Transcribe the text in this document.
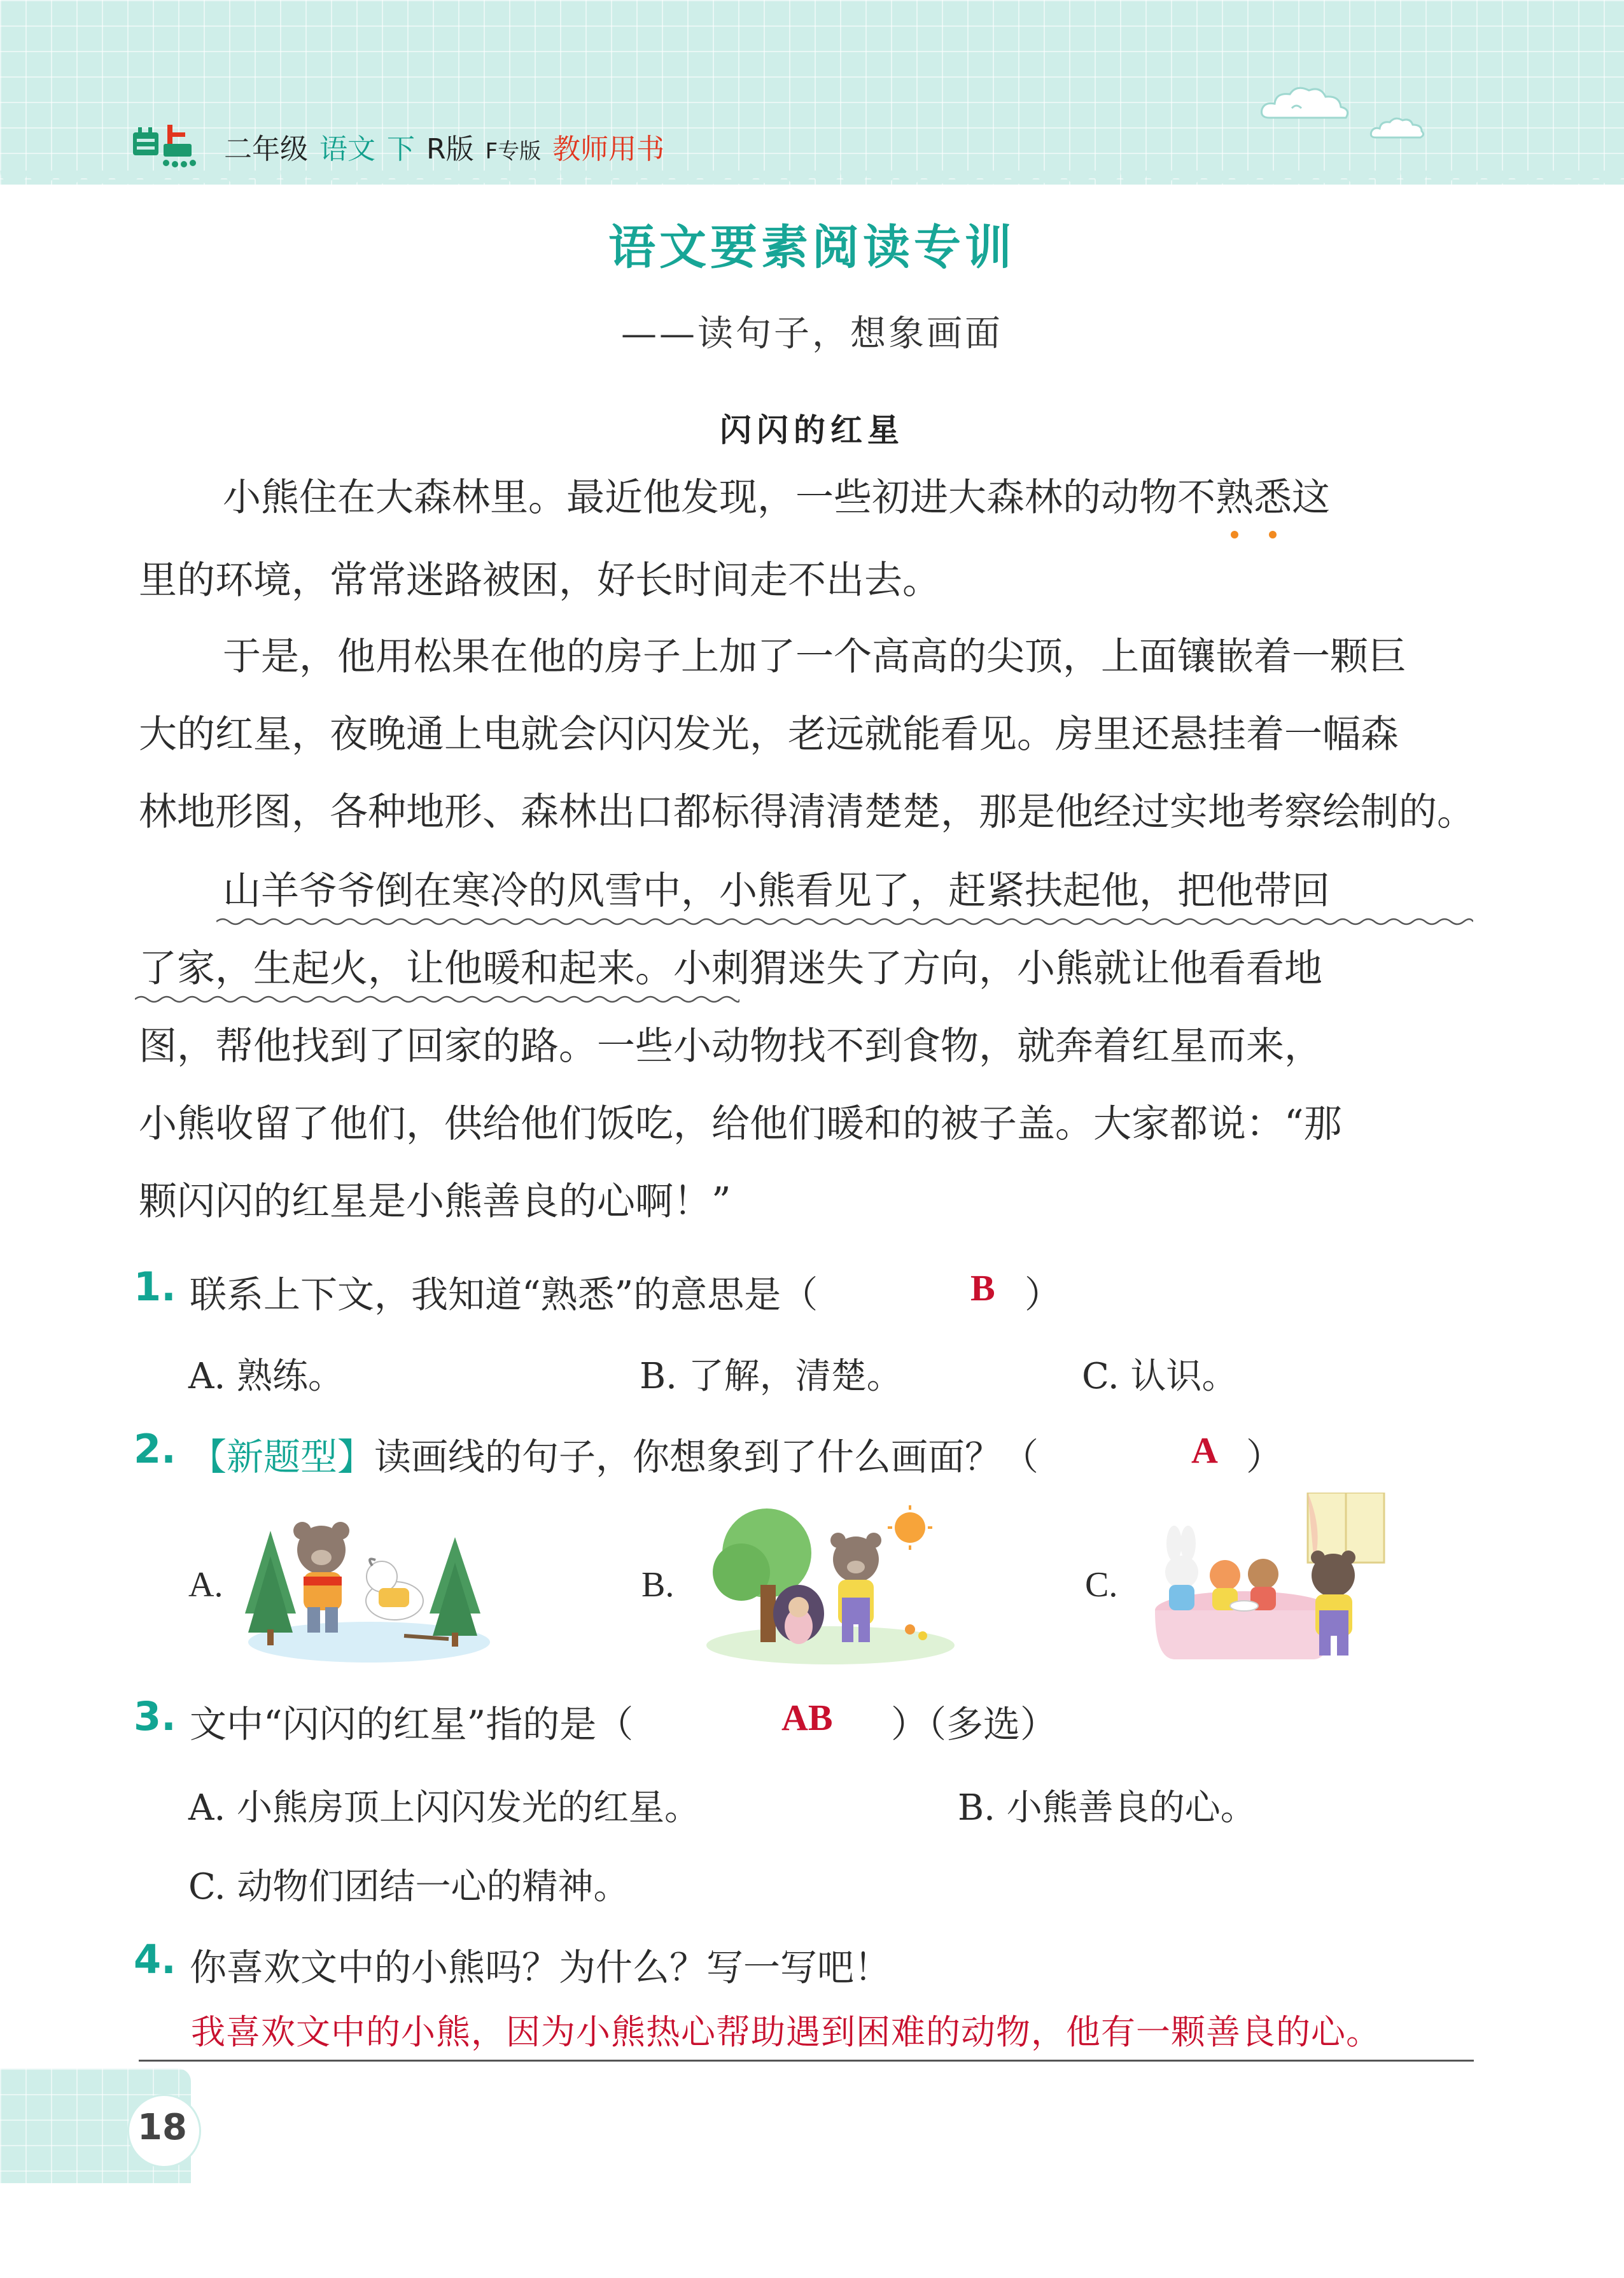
二年级 语文 下 R版 F专版 教师用书
语文要素阅读专训
——读句子，想象画面
闪闪的红星
小熊住在大森林里。最近他发现，一些初进大森林的动物不熟悉这
里的环境，常常迷路被困，好长时间走不出去。
于是，他用松果在他的房子上加了一个高高的尖顶，上面镶嵌着一颗巨
大的红星，夜晚通上电就会闪闪发光，老远就能看见。房里还悬挂着一幅森
林地形图，各种地形、森林出口都标得清清楚楚，那是他经过实地考察绘制的。
山羊爷爷倒在寒冷的风雪中，小熊看见了，赶紧扶起他，把他带回
了家，生起火，让他暖和起来。小刺猬迷失了方向，小熊就让他看看地
图，帮他找到了回家的路。一些小动物找不到食物，就奔着红星而来，
小熊收留了他们，供给他们饭吃，给他们暖和的被子盖。大家都说：“那
颗闪闪的红星是小熊善良的心啊！”
1. 联系上下文，我知道“熟悉”的意思是（	B ）
A. 熟练。	B. 了解，清楚。	C. 认识。
2. 【新题型】读画线的句子，你想象到了什么画面？（	A ）
A.	B.	C.
3. 文中“闪闪的红星”指的是（	AB ）（多选）
A. 小熊房顶上闪闪发光的红星。	B. 小熊善良的心。
C. 动物们团结一心的精神。
4. 你喜欢文中的小熊吗？为什么？写一写吧！
我喜欢文中的小熊，因为小熊热心帮助遇到困难的动物，他有一颗善良的心。
18
